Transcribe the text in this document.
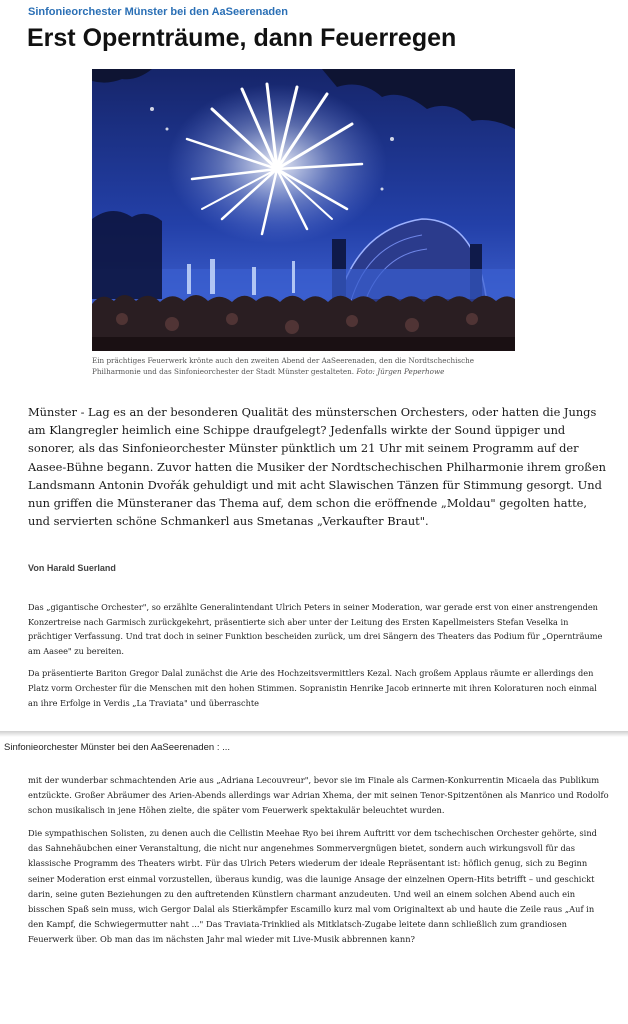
Sinfonieorchester Münster bei den AaSeerenaden
Erst Opernträume, dann Feuerregen
Ein prächtiges Feuerwerk krönte auch den zweiten Abend der AaSeerenaden, den die Nordtschechische Philharmonie und das Sinfonieorchester der Stadt Münster gestalteten. Foto: Jürgen Peperhowe

Münster - Lag es an der besonderen Qualität des münsterschen Orchesters, oder hatten die Jungs am Klangregler heimlich eine Schippe draufgelegt? Jedenfalls wirkte der Sound üppiger und sonorer, als das Sinfonieorchester Münster pünktlich um 21 Uhr mit seinem Programm auf der Aasee-Bühne begann. Zuvor hatten die Musiker der Nordtschechischen Philharmonie ihrem großen Landsmann Antonin Dvořák gehuldigt und mit acht Slawischen Tänzen für Stimmung gesorgt. Und nun griffen die Münsteraner das Thema auf, dem schon die eröffnende „Moldau" gegolten hatte, und servierten schöne Schmankerl aus Smetanas „Verkaufter Braut".

Von Harald Suerland

Das „gigantische Orchester", so erzählte Generalintendant Ulrich Peters in seiner Moderation, war gerade erst von einer anstrengenden Konzertreise nach Garmisch zurückgekehrt, präsentierte sich aber unter der Leitung des Ersten Kapellmeisters Stefan Veselka in prächtiger Verfassung. Und trat doch in seiner Funktion bescheiden zurück, um drei Sängern des Theaters das Podium für „Opernträume am Aasee" zu bereiten.

Da präsentierte Bariton Gregor Dalal zunächst die Arie des Hochzeitsvermittlers Kezal. Nach großem Applaus räumte er allerdings den Platz vorm Orchester für die Menschen mit den hohen Stimmen. Sopranistin Henrike Jacob erinnerte mit ihren Koloraturen noch einmal an ihre Erfolge in Verdis „La Traviata" und überraschte

Sinfonieorchester Münster bei den AaSeerenaden : ...

mit der wunderbar schmachtenden Arie aus „Adriana Lecouvreur", bevor sie im Finale als Carmen-Konkurrentin Micaela das Publikum entzückte. Großer Abräumer des Arien-Abends allerdings war Adrian Xhema, der mit seinen Tenor-Spitzentönen als Manrico und Rodolfo schon musikalisch in jene Höhen zielte, die später vom Feuerwerk spektakulär beleuchtet wurden.

Die sympathischen Solisten, zu denen auch die Cellistin Meehae Ryo bei ihrem Auftritt vor dem tschechischen Orchester gehörte, sind das Sahnehäubchen einer Veranstaltung, die nicht nur angenehmes Sommervergnügen bietet, sondern auch wirkungsvoll für das klassische Programm des Theaters wirbt. Für das Ulrich Peters wiederum der ideale Repräsentant ist: höflich genug, sich zu Beginn seiner Moderation erst einmal vorzustellen, überaus kundig, was die launige Ansage der einzelnen Opern-Hits betrifft – und geschickt darin, seine guten Beziehungen zu den auftretenden Künstlern charmant anzudeuten. Und weil an einem solchen Abend auch ein bisschen Spaß sein muss, wich Gergor Dalal als Stierkämpfer Escamillo kurz mal vom Originaltext ab und haute die Zeile raus „Auf in den Kampf, die Schwiegermutter naht ..." Das Traviata-Trinklied als Mitklatsch-Zugabe leitete dann schließlich zum grandiosen Feuerwerk über. Ob man das im nächsten Jahr mal wieder mit Live-Musik abbrennen kann?
